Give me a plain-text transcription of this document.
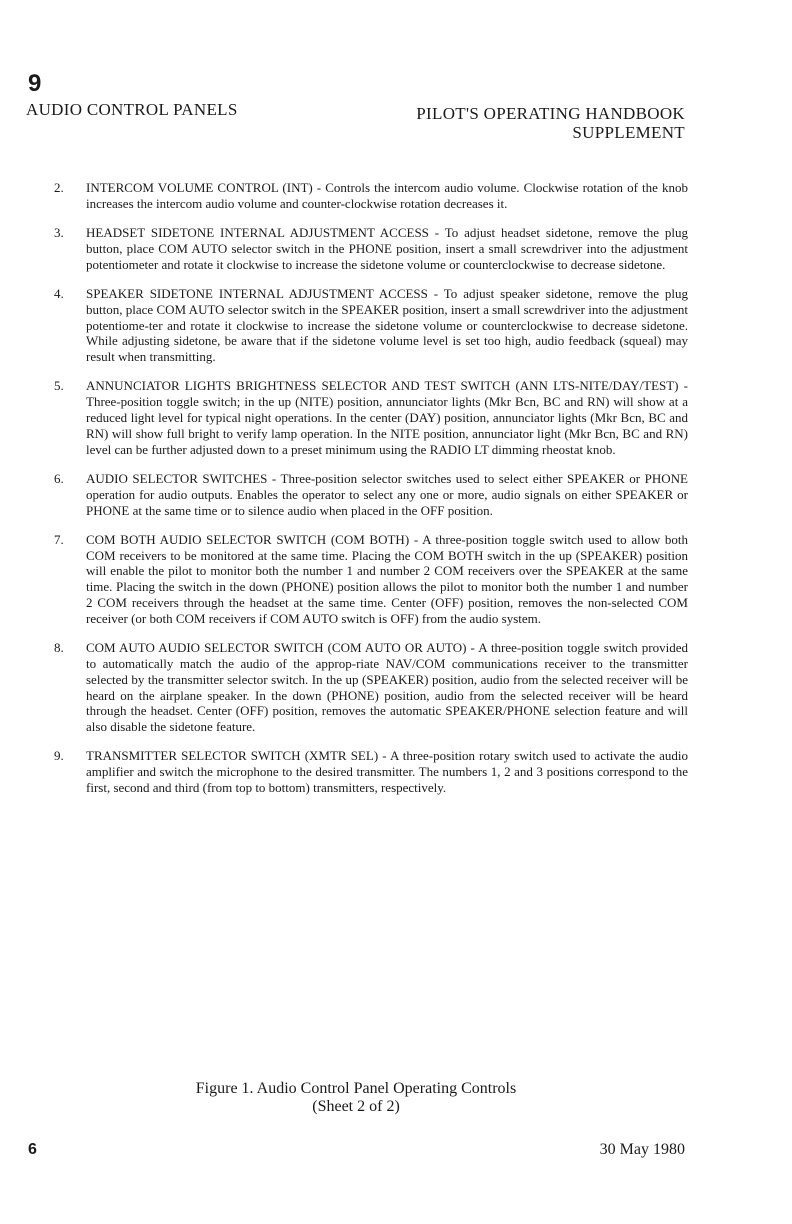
9
AUDIO CONTROL PANELS	PILOT'S OPERATING HANDBOOK
SUPPLEMENT
2.	INTERCOM VOLUME CONTROL (INT) - Controls the intercom audio volume. Clockwise rotation of the knob increases the intercom audio volume and counter-clockwise rotation decreases it.
3.	HEADSET SIDETONE INTERNAL ADJUSTMENT ACCESS - To adjust headset sidetone, remove the plug button, place COM AUTO selector switch in the PHONE position, insert a small screwdriver into the adjustment potentiometer and rotate it clockwise to increase the sidetone volume or counterclockwise to decrease sidetone.
4.	SPEAKER SIDETONE INTERNAL ADJUSTMENT ACCESS - To adjust speaker sidetone, remove the plug button, place COM AUTO selector switch in the SPEAKER position, insert a small screwdriver into the adjustment potentiome-ter and rotate it clockwise to increase the sidetone volume or counterclockwise to decrease sidetone. While adjusting sidetone, be aware that if the sidetone volume level is set too high, audio feedback (squeal) may result when transmitting.
5.	ANNUNCIATOR LIGHTS BRIGHTNESS SELECTOR AND TEST SWITCH (ANN LTS-NITE/DAY/TEST) - Three-position toggle switch; in the up (NITE) position, annunciator lights (Mkr Bcn, BC and RN) will show at a reduced light level for typical night operations. In the center (DAY) position, annunciator lights (Mkr Bcn, BC and RN) will show full bright to verify lamp operation. In the NITE position, annunciator light (Mkr Bcn, BC and RN) level can be further adjusted down to a preset minimum using the RADIO LT dimming rheostat knob.
6.	AUDIO SELECTOR SWITCHES - Three-position selector switches used to select either SPEAKER or PHONE operation for audio outputs. Enables the operator to select any one or more, audio signals on either SPEAKER or PHONE at the same time or to silence audio when placed in the OFF position.
7.	COM BOTH AUDIO SELECTOR SWITCH (COM BOTH) - A three-position toggle switch used to allow both COM receivers to be monitored at the same time. Placing the COM BOTH switch in the up (SPEAKER) position will enable the pilot to monitor both the number 1 and number 2 COM receivers over the SPEAKER at the same time. Placing the switch in the down (PHONE) position allows the pilot to monitor both the number 1 and number 2 COM receivers through the headset at the same time. Center (OFF) position, removes the non-selected COM receiver (or both COM receivers if COM AUTO switch is OFF) from the audio system.
8.	COM AUTO AUDIO SELECTOR SWITCH (COM AUTO OR AUTO) - A three-position toggle switch provided to automatically match the audio of the approp-riate NAV/COM communications receiver to the transmitter selected by the transmitter selector switch. In the up (SPEAKER) position, audio from the selected receiver will be heard on the airplane speaker. In the down (PHONE) position, audio from the selected receiver will be heard through the headset. Center (OFF) position, removes the automatic SPEAKER/PHONE selection feature and will also disable the sidetone feature.
9.	TRANSMITTER SELECTOR SWITCH (XMTR SEL) - A three-position rotary switch used to activate the audio amplifier and switch the microphone to the desired transmitter. The numbers 1, 2 and 3 positions correspond to the first, second and third (from top to bottom) transmitters, respectively.
Figure 1. Audio Control Panel Operating Controls
(Sheet 2 of 2)
6	30 May 1980
